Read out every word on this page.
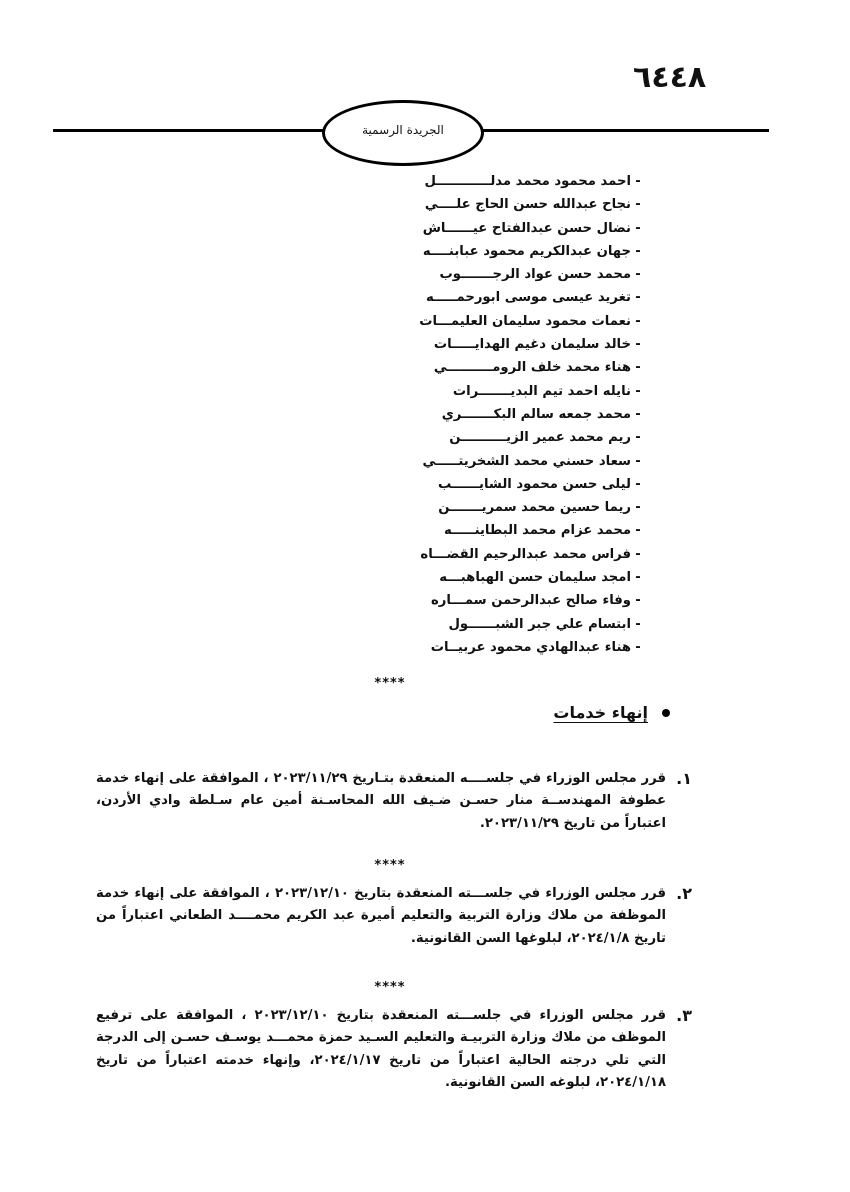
٦٤٤٨
الجريدة الرسمية
-
احمد محمود محمد مدلــــــــــــل
-
نجاح عبدالله حسن الحاج علــــي
-
نضال حسن عبدالفتاح عيــــــاش
-
جهان عبدالكريم محمود عبابنــــه
-
محمد حسن عواد الرجـــــــوب
-
تغريد عيسى موسى ابورحمـــــه
-
نعمات محمود سليمان العليمـــات
-
خالد سليمان دغيم الهدايـــــات
-
هناء محمد خلف الرومــــــــــي
-
نايله احمد تيم البديـــــــرات
-
محمد جمعه سالم البكـــــــري
-
ريم محمد عمير الزيــــــــــن
-
سعاد حسني محمد الشخريتـــــي
-
ليلى حسن محمود الشايــــــب
-
ريما حسين محمد سمريـــــــن
-
محمد عزام محمد البطاينـــــه
-
فراس محمد عبدالرحيم القضـــاه
-
امجد سليمان حسن الهباهبـــه
-
وفاء صالح عبدالرحمن سمـــاره
-
ابتسام علي جبر الشبــــــول
-
هناء عبدالهادي محمود عربيــات
****
إنهاء خدمات
١.
قرر مجلس الوزراء في جلســــه المنعقدة بتـاريخ ٢٠٢٣/١١/٢٩ ، الموافقة على إنهاء خدمة عطوفة المهندســة منار حسـن ضـيف الله المحاسـنة أمين عام سـلطة وادي الأردن، اعتباراً من تاريخ ٢٠٢٣/١١/٢٩.
****
٢.
قرر مجلس الوزراء في جلســـته المنعقدة بتاريخ ٢٠٢٣/١٢/١٠ ، الموافقة على إنهاء خدمة الموظفة من ملاك وزارة التربية والتعليم أميرة عبد الكريم محمــــد الطعاني اعتباراً من تاريخ ٢٠٢٤/١/٨، لبلوغها السن القانونية.
****
٣.
قرر مجلس الوزراء في جلســـته المنعقدة بتاريخ ٢٠٢٣/١٢/١٠ ، الموافقة على ترفيع الموظف من ملاك وزارة التربيـة والتعليم السـيد حمزة محمـــد يوسـف حسـن إلى الدرجة التي تلي درجته الحالية اعتباراً من تاريخ ٢٠٢٤/١/١٧، وإنهاء خدمته اعتباراً من تاريخ ٢٠٢٤/١/١٨، لبلوغه السن القانونية.
